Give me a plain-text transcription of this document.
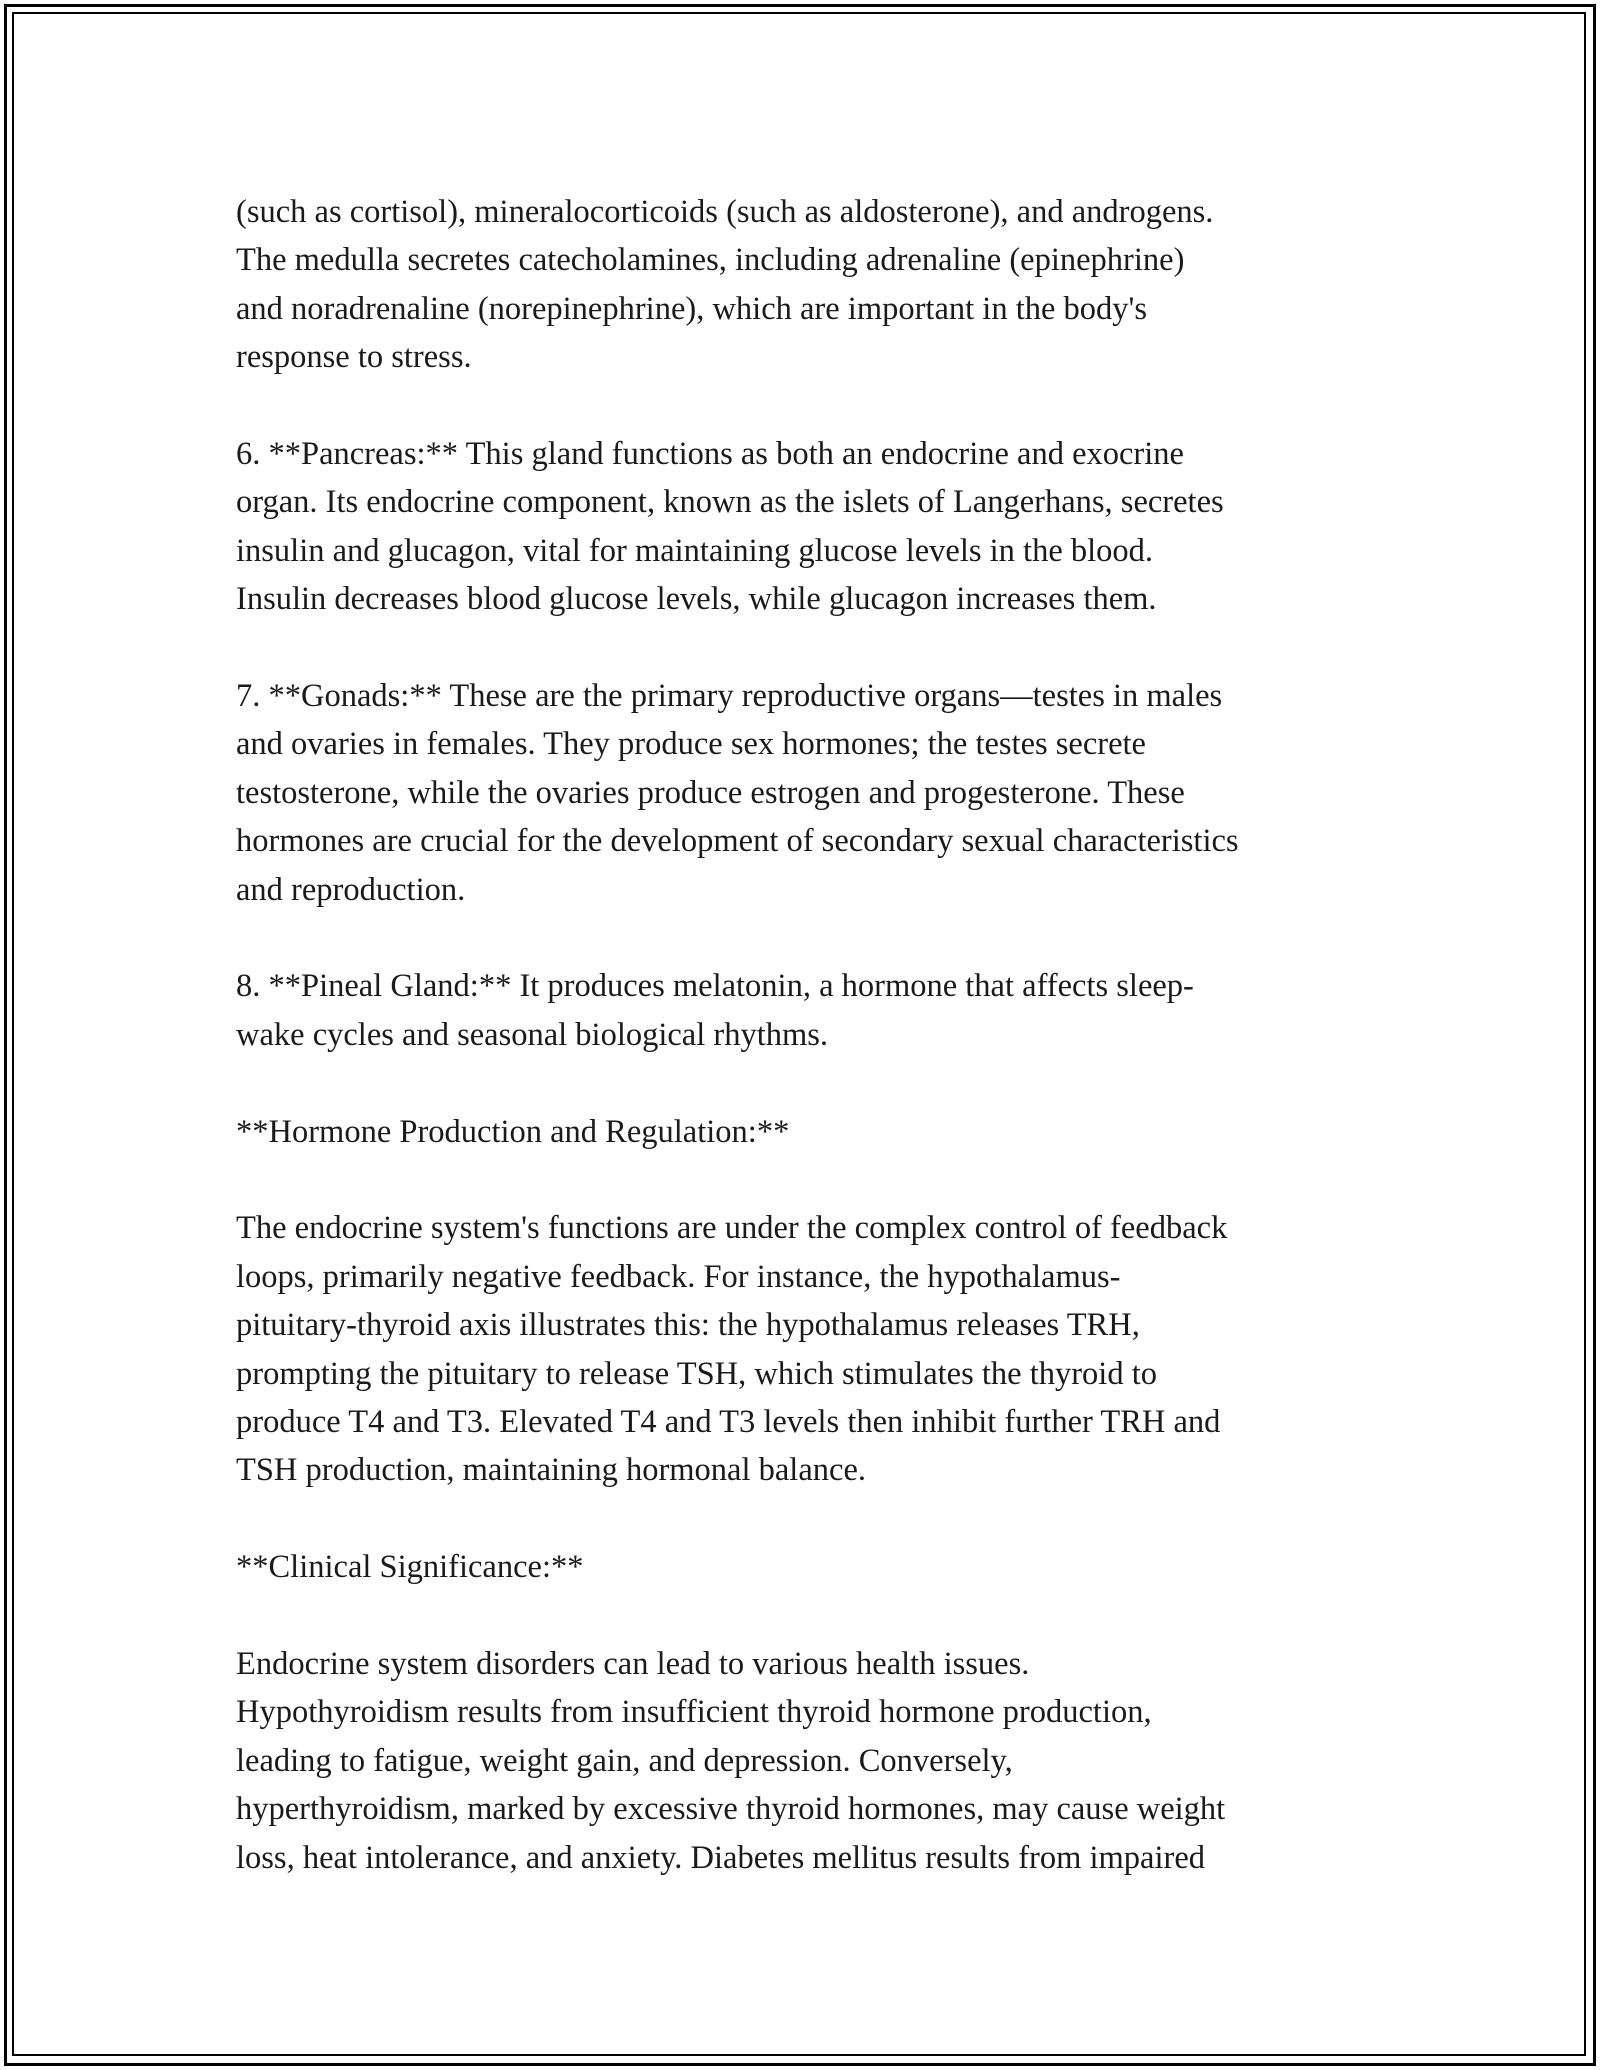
(such as cortisol), mineralocorticoids (such as aldosterone), and androgens.
The medulla secretes catecholamines, including adrenaline (epinephrine)
and noradrenaline (norepinephrine), which are important in the body's
response to stress.

6. **Pancreas:** This gland functions as both an endocrine and exocrine
organ. Its endocrine component, known as the islets of Langerhans, secretes
insulin and glucagon, vital for maintaining glucose levels in the blood.
Insulin decreases blood glucose levels, while glucagon increases them.

7. **Gonads:** These are the primary reproductive organs—testes in males
and ovaries in females. They produce sex hormones; the testes secrete
testosterone, while the ovaries produce estrogen and progesterone. These
hormones are crucial for the development of secondary sexual characteristics
and reproduction.

8. **Pineal Gland:** It produces melatonin, a hormone that affects sleep-
wake cycles and seasonal biological rhythms.

**Hormone Production and Regulation:**

The endocrine system's functions are under the complex control of feedback
loops, primarily negative feedback. For instance, the hypothalamus-
pituitary-thyroid axis illustrates this: the hypothalamus releases TRH,
prompting the pituitary to release TSH, which stimulates the thyroid to
produce T4 and T3. Elevated T4 and T3 levels then inhibit further TRH and
TSH production, maintaining hormonal balance.

**Clinical Significance:**

Endocrine system disorders can lead to various health issues.
Hypothyroidism results from insufficient thyroid hormone production,
leading to fatigue, weight gain, and depression. Conversely,
hyperthyroidism, marked by excessive thyroid hormones, may cause weight
loss, heat intolerance, and anxiety. Diabetes mellitus results from impaired
